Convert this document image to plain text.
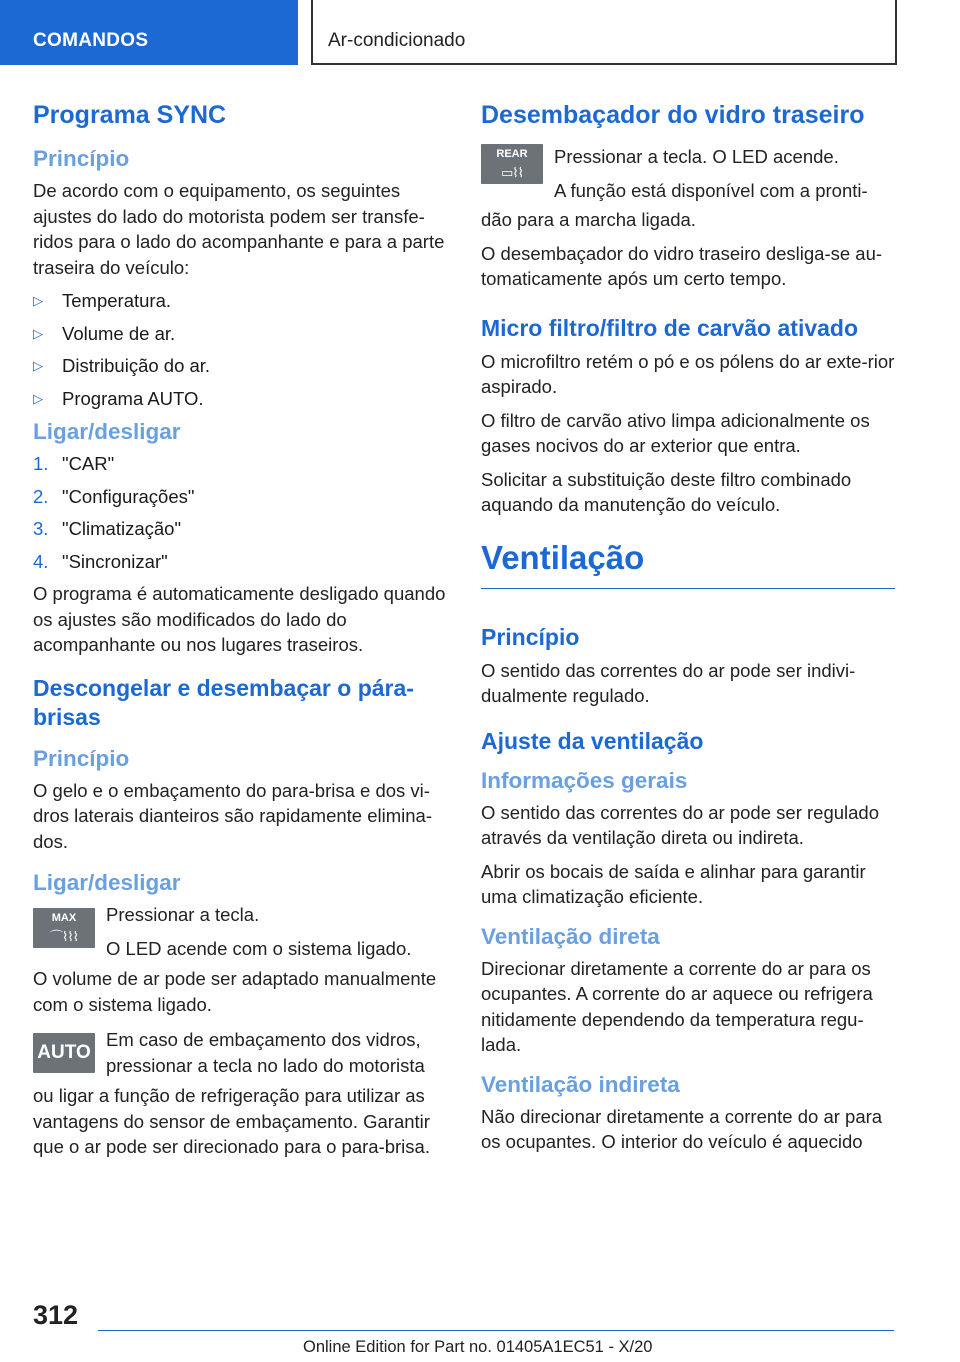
COMANDOS	Ar-condicionado
Programa SYNC
Princípio

De acordo com o equipamento, os seguintes ajustes do lado do motorista podem ser transfe-ridos para o lado do acompanhante e para a parte traseira do veículo:

▷ Temperatura.
▷ Volume de ar.
▷ Distribuição do ar.
▷ Programa AUTO.
Ligar/desligar
1. "CAR"
2. "Configurações"
3. "Climatização"
4. "Sincronizar"

O programa é automaticamente desligado quando os ajustes são modificados do lado do acompanhante ou nos lugares traseiros.

Descongelar e desembaçar o pára-brisas
Princípio

O gelo e o embaçamento do para-brisa e dos vi-dros laterais dianteiros são rapidamente elimina-dos.

Ligar/desligar
MAX
⌒⌇⌇⌇

Pressionar a tecla.

O LED acende com o sistema ligado.

O volume de ar pode ser adaptado manualmente com o sistema ligado.

AUTO

Em caso de embaçamento dos vidros, pressionar a tecla no lado do motorista

ou ligar a função de refrigeração para utilizar as vantagens do sensor de embaçamento. Garantir que o ar pode ser direcionado para o para-brisa.

Desembaçador do vidro traseiro
REAR
▭⌇⌇

Pressionar a tecla. O LED acende.

A função está disponível com a pronti-

dão para a marcha ligada.

O desembaçador do vidro traseiro desliga-se au-tomaticamente após um certo tempo.

Micro filtro/filtro de carvão ativado

O microfiltro retém o pó e os pólens do ar exte-rior aspirado.

O filtro de carvão ativo limpa adicionalmente os gases nocivos do ar exterior que entra.

Solicitar a substituição deste filtro combinado aquando da manutenção do veículo.

Ventilação
Princípio

O sentido das correntes do ar pode ser indivi-dualmente regulado.

Ajuste da ventilação
Informações gerais

O sentido das correntes do ar pode ser regulado através da ventilação direta ou indireta.

Abrir os bocais de saída e alinhar para garantir uma climatização eficiente.

Ventilação direta

Direcionar diretamente a corrente do ar para os ocupantes. A corrente do ar aquece ou refrigera nitidamente dependendo da temperatura regu-lada.

Ventilação indireta

Não direcionar diretamente a corrente do ar para os ocupantes. O interior do veículo é aquecido

312
Online Edition for Part no. 01405A1EC51 - X/20
